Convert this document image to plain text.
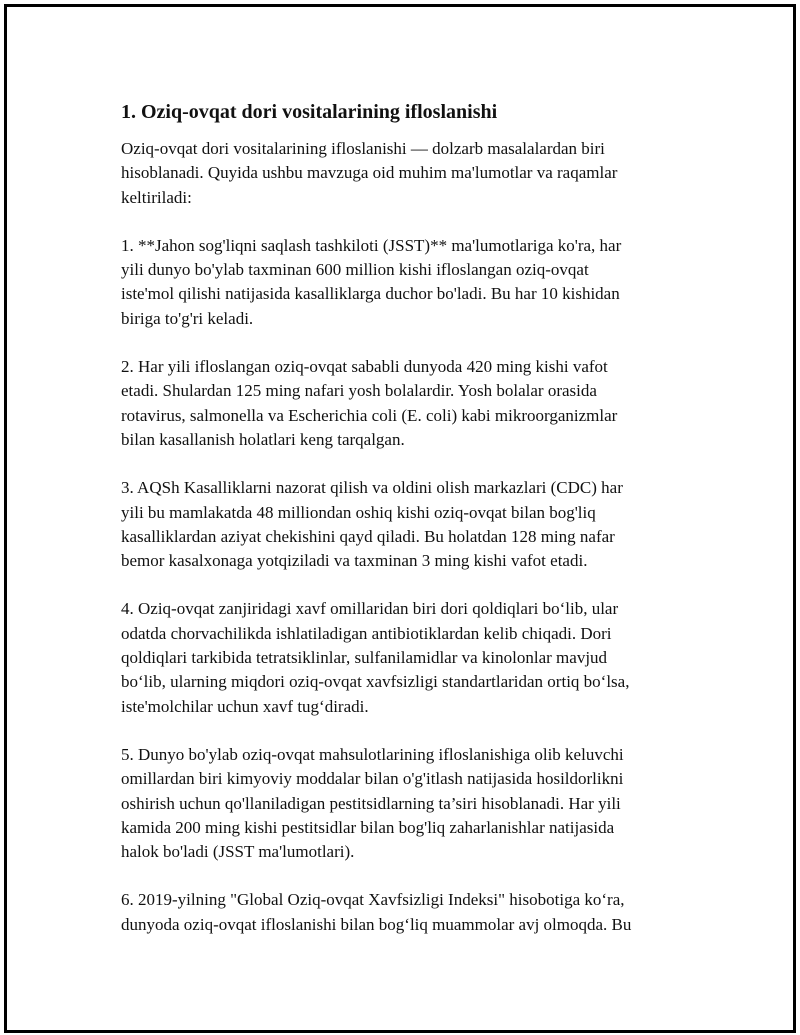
1. Oziq-ovqat dori vositalarining ifloslanishi
Oziq-ovqat dori vositalarining ifloslanishi — dolzarb masalalardan biri
hisoblanadi. Quyida ushbu mavzuga oid muhim ma'lumotlar va raqamlar
keltiriladi:
1. **Jahon sog'liqni saqlash tashkiloti (JSST)** ma'lumotlariga ko'ra, har
yili dunyo bo'ylab taxminan 600 million kishi ifloslangan oziq-ovqat
iste'mol qilishi natijasida kasalliklarga duchor bo'ladi. Bu har 10 kishidan
biriga to'g'ri keladi.
2. Har yili ifloslangan oziq-ovqat sababli dunyoda 420 ming kishi vafot
etadi. Shulardan 125 ming nafari yosh bolalardir. Yosh bolalar orasida
rotavirus, salmonella va Escherichia coli (E. coli) kabi mikroorganizmlar
bilan kasallanish holatlari keng tarqalgan.
3. AQSh Kasalliklarni nazorat qilish va oldini olish markazlari (CDC) har
yili bu mamlakatda 48 milliondan oshiq kishi oziq-ovqat bilan bog'liq
kasalliklardan aziyat chekishini qayd qiladi. Bu holatdan 128 ming nafar
bemor kasalxonaga yotqiziladi va taxminan 3 ming kishi vafot etadi.
4. Oziq-ovqat zanjiridagi xavf omillaridan biri dori qoldiqlari bo‘lib, ular
odatda chorvachilikda ishlatiladigan antibiotiklardan kelib chiqadi. Dori
qoldiqlari tarkibida tetratsiklinlar, sulfanilamidlar va kinolonlar mavjud
bo‘lib, ularning miqdori oziq-ovqat xavfsizligi standartlaridan ortiq bo‘lsa,
iste'molchilar uchun xavf tug‘diradi.
5. Dunyo bo'ylab oziq-ovqat mahsulotlarining ifloslanishiga olib keluvchi
omillardan biri kimyoviy moddalar bilan o'g'itlash natijasida hosildorlikni
oshirish uchun qo'llaniladigan pestitsidlarning ta’siri hisoblanadi. Har yili
kamida 200 ming kishi pestitsidlar bilan bog'liq zaharlanishlar natijasida
halok bo'ladi (JSST ma'lumotlari).
6. 2019-yilning "Global Oziq-ovqat Xavfsizligi Indeksi" hisobotiga ko‘ra,
dunyoda oziq-ovqat ifloslanishi bilan bog‘liq muammolar avj olmoqda. Bu
